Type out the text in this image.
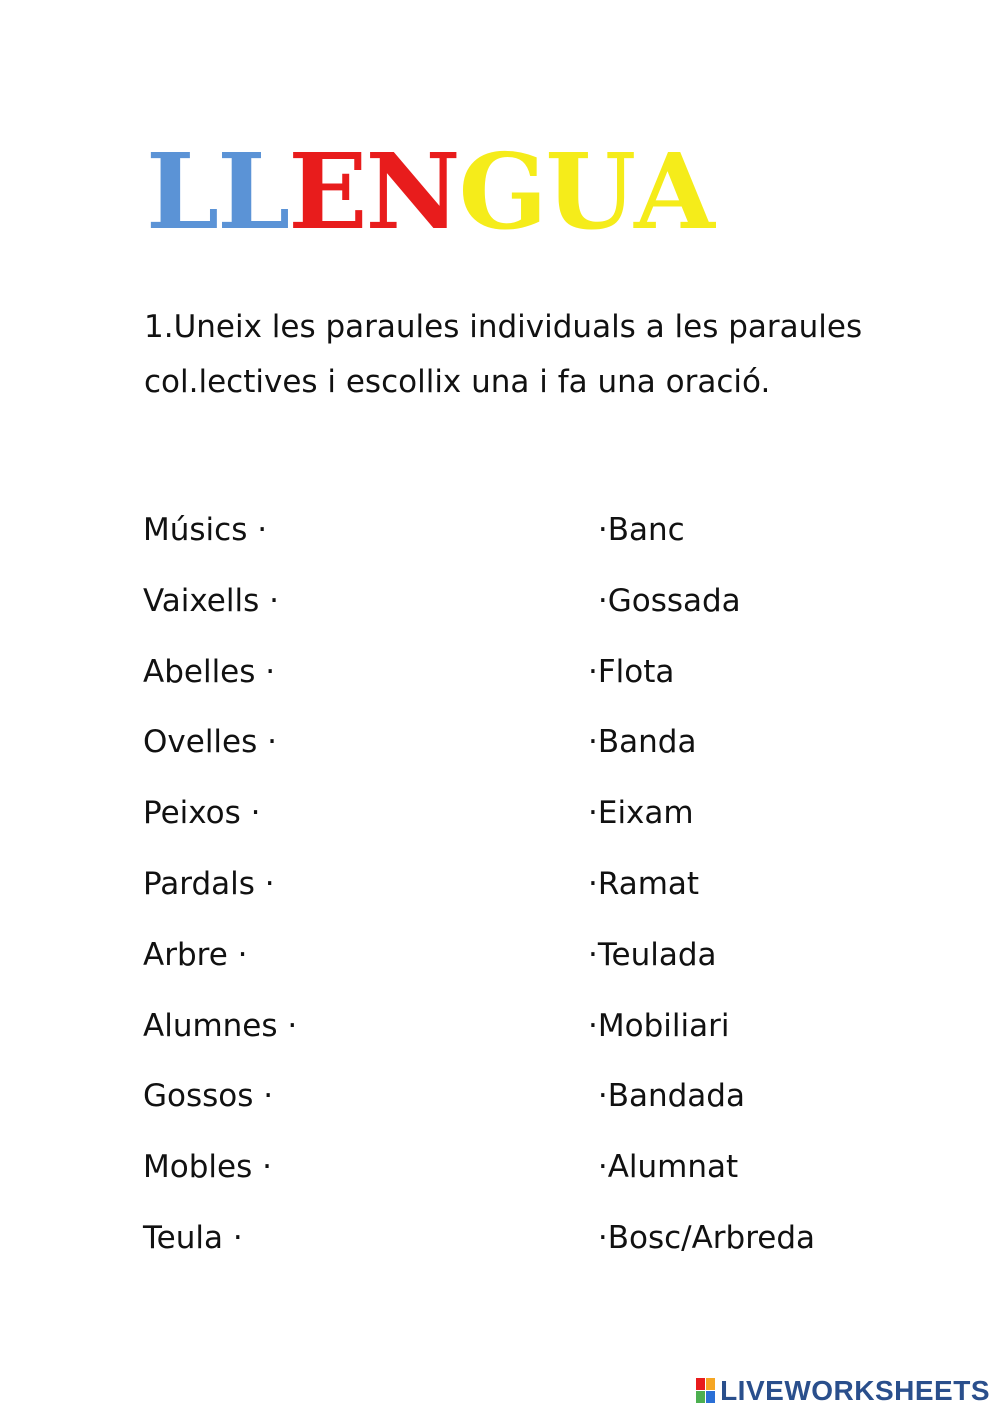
LLENGUA
1.Uneix les paraules individuals a les paraules col.lectives i escollix una i fa una oració.
Músics ·
Vaixells ·
Abelles ·
Ovelles ·
Peixos ·
Pardals ·
Arbre ·
Alumnes ·
Gossos ·
Mobles ·
Teula ·
·Banc
·Gossada
·Flota
·Banda
·Eixam
·Ramat
·Teulada
·Mobiliari
·Bandada
·Alumnat
·Bosc/Arbreda
LIVEWORKSHEETS
